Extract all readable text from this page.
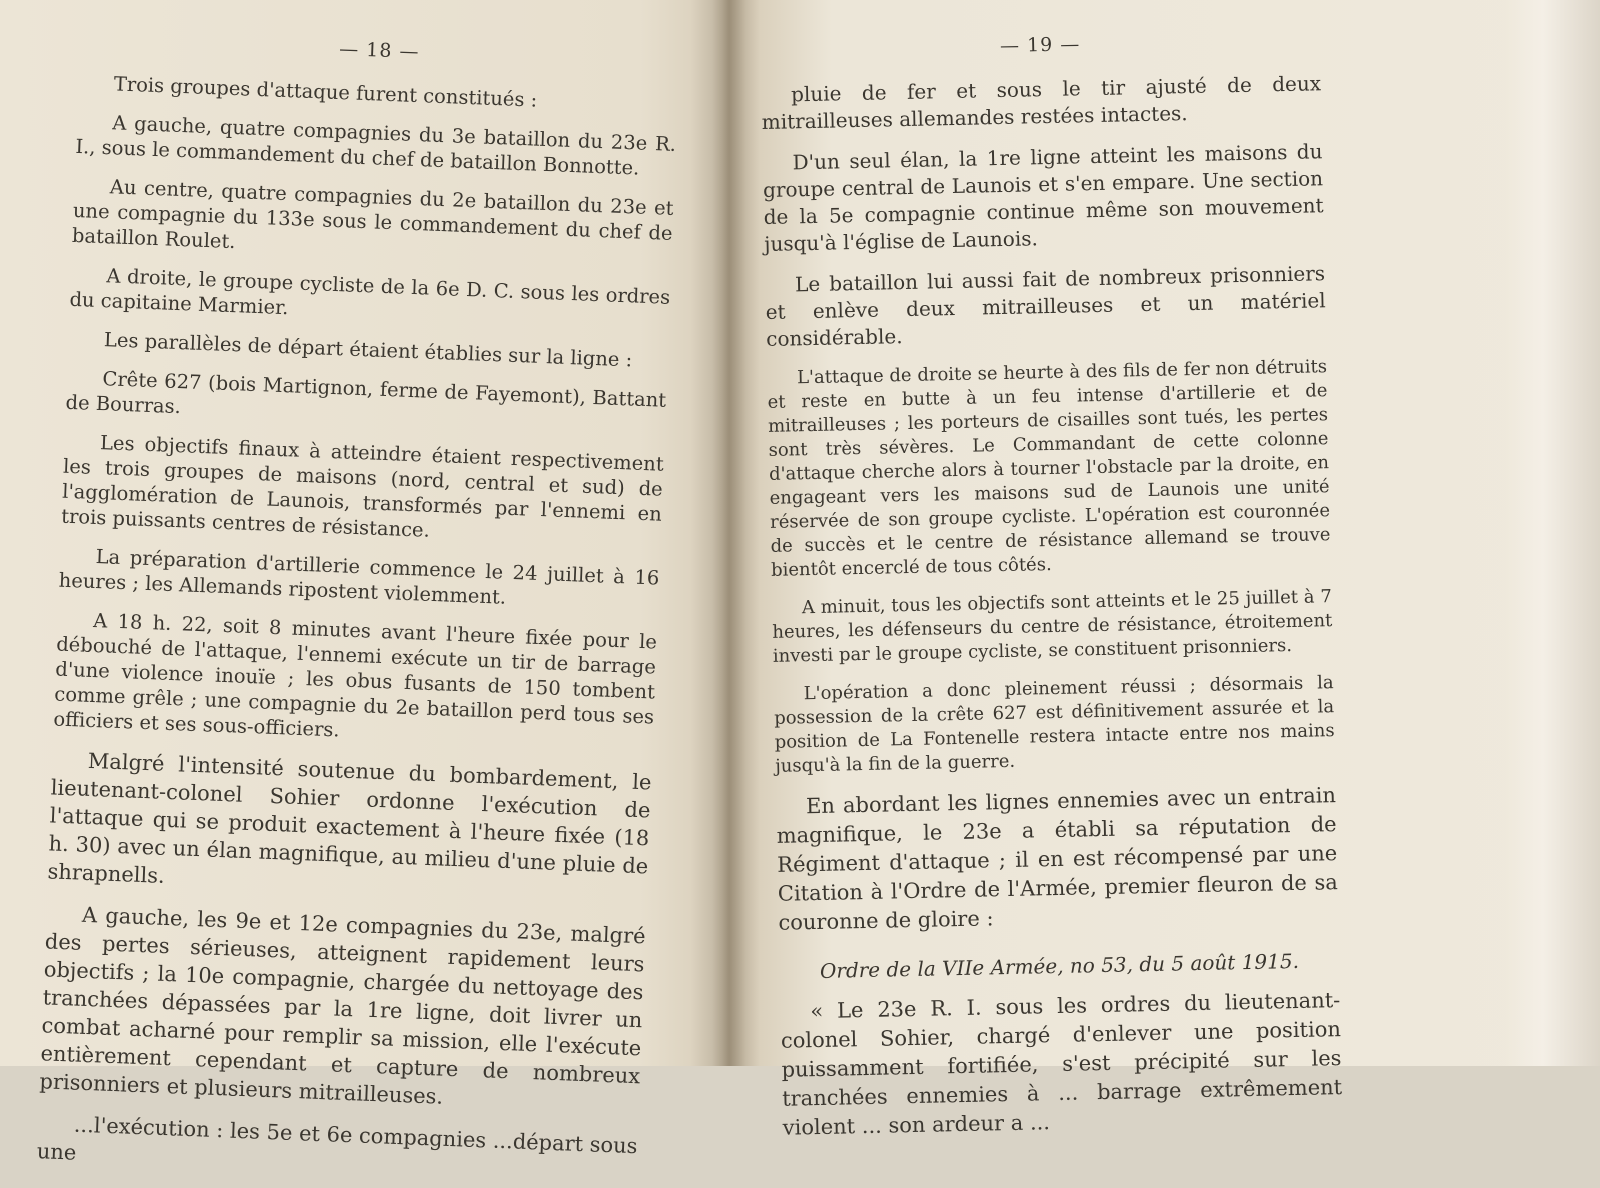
— 18 —

Trois groupes d'attaque furent constitués :

A gauche, quatre compagnies du 3e bataillon du 23e R. I., sous le commandement du chef de bataillon Bonnotte.

Au centre, quatre compagnies du 2e bataillon du 23e et une compagnie du 133e sous le commandement du chef de bataillon Roulet.

A droite, le groupe cycliste de la 6e D. C. sous les ordres du capitaine Marmier.

Les parallèles de départ étaient établies sur la ligne :

Crête 627 (bois Martignon, ferme de Fayemont), Battant de Bourras.

Les objectifs finaux à atteindre étaient respectivement les trois groupes de maisons (nord, central et sud) de l'agglomération de Launois, transformés par l'ennemi en trois puissants centres de résistance.

La préparation d'artillerie commence le 24 juillet à 16 heures ; les Allemands ripostent violemment.

A 18 h. 22, soit 8 minutes avant l'heure fixée pour le débouché de l'attaque, l'ennemi exécute un tir de barrage d'une violence inouïe ; les obus fusants de 150 tombent comme grêle ; une compagnie du 2e bataillon perd tous ses officiers et ses sous-officiers.

Malgré l'intensité soutenue du bombardement, le lieutenant-colonel Sohier ordonne l'exécution de l'attaque qui se produit exactement à l'heure fixée (18 h. 30) avec un élan magnifique, au milieu d'une pluie de shrapnells.

A gauche, les 9e et 12e compagnies du 23e, malgré des pertes sérieuses, atteignent rapidement leurs objectifs ; la 10e compagnie, chargée du nettoyage des tranchées dépassées par la 1re ligne, doit livrer un combat acharné pour remplir sa mission, elle l'exécute entièrement cependant et capture de nombreux prisonniers et plusieurs mitrailleuses.

...l'exécution : les 5e et 6e compagnies ...départ sous une

— 19 —

pluie de fer et sous le tir ajusté de deux mitrailleuses allemandes restées intactes.

D'un seul élan, la 1re ligne atteint les maisons du groupe central de Launois et s'en empare. Une section de la 5e compagnie continue même son mouvement jusqu'à l'église de Launois.

Le bataillon lui aussi fait de nombreux prisonniers et enlève deux mitrailleuses et un matériel considérable.

L'attaque de droite se heurte à des fils de fer non détruits et reste en butte à un feu intense d'artillerie et de mitrailleuses ; les porteurs de cisailles sont tués, les pertes sont très sévères. Le Commandant de cette colonne d'attaque cherche alors à tourner l'obstacle par la droite, en engageant vers les maisons sud de Launois une unité réservée de son groupe cycliste. L'opération est couronnée de succès et le centre de résistance allemand se trouve bientôt encerclé de tous côtés.

A minuit, tous les objectifs sont atteints et le 25 juillet à 7 heures, les défenseurs du centre de résistance, étroitement investi par le groupe cycliste, se constituent prisonniers.

L'opération a donc pleinement réussi ; désormais la possession de la crête 627 est définitivement assurée et la position de La Fontenelle restera intacte entre nos mains jusqu'à la fin de la guerre.

En abordant les lignes ennemies avec un entrain magnifique, le 23e a établi sa réputation de Régiment d'attaque ; il en est récompensé par une Citation à l'Ordre de l'Armée, premier fleuron de sa couronne de gloire :

Ordre de la VIIe Armée, no 53, du 5 août 1915.

« Le 23e R. I. sous les ordres du lieutenant-colonel Sohier, chargé d'enlever une position puissamment fortifiée, s'est précipité sur les tranchées ennemies à ... barrage extrêmement violent ... son ardeur a ...
